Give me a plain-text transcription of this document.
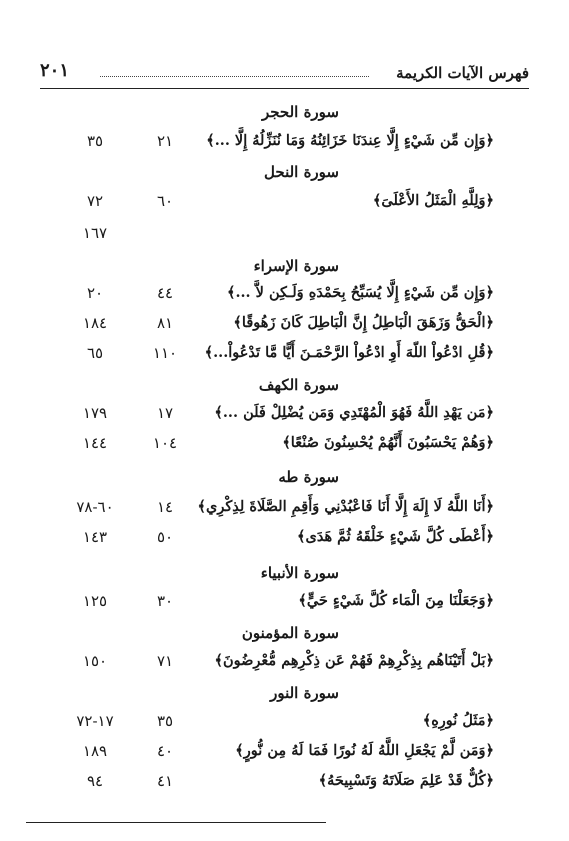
فهرس الآيات الكريمة
٢٠١
سورة الحجر
﴿وَإِن مِّن شَيْءٍ إِلَّا عِندَنَا خَزَائِنُهُ وَمَا نُنَزِّلُهُ إِلَّا ...﴾
٢١
٣٥
سورة النحل
﴿وَلِلَّهِ الْمَثَلُ الأَعْلَىَ﴾
٦٠
٧٢
١٦٧
سورة الإسراء
﴿وَإِن مِّن شَيْءٍ إِلَّا يُسَبِّحُ بِحَمْدَهِ وَلَـكِن لاَّ ...﴾
٤٤
٢٠
﴿الْحَقُّ وَزَهَقَ الْبَاطِلُ إِنَّ الْبَاطِلَ كَانَ زَهُوقًا﴾
٨١
١٨٤
﴿قُلِ ادْعُواْ اللّهَ أَوِ ادْعُواْ الرَّحْمَـنَ أَيًّا مَّا تَدْعُواْ...﴾
١١٠
٦٥
سورة الكهف
﴿مَن يَهْدِ اللَّهُ فَهُوَ الْمُهْتَدِي وَمَن يُضْلِلْ فَلَن ...﴾
١٧
١٧٩
﴿وَهُمْ يَحْسَبُونَ أَنَّهُمْ يُحْسِنُونَ صُنْعًا﴾
١٠٤
١٤٤
سورة طه
﴿أَنَا اللَّهُ لَا إِلَهَ إِلَّا أَنَا فَاعْبُدْنِي وَأَقِمِ الصَّلَاةَ لِذِكْرِي﴾
١٤
٦٠-٧٨
﴿أَعْطَى كُلَّ شَيْءٍ خَلْقَهُ ثُمَّ هَدَى﴾
٥٠
١٤٣
سورة الأنبياء
﴿وَجَعَلْنَا مِنَ الْمَاء كُلَّ شَيْءٍ حَيٍّ﴾
٣٠
١٢٥
سورة المؤمنون
﴿بَلْ أَتَيْنَاهُم بِذِكْرِهِمْ فَهُمْ عَن ذِكْرِهِم مُّعْرِضُونَ﴾
٧١
١٥٠
سورة النور
﴿مَثَلُ نُورِهِ﴾
٣٥
١٧-٧٢
﴿وَمَن لَّمْ يَجْعَلِ اللَّهُ لَهُ نُورًا فَمَا لَهُ مِن نُّورٍ﴾
٤٠
١٨٩
﴿كُلٌّ قَدْ عَلِمَ صَلَاتَهُ وَتَسْبِيحَهُ﴾
٤١
٩٤
